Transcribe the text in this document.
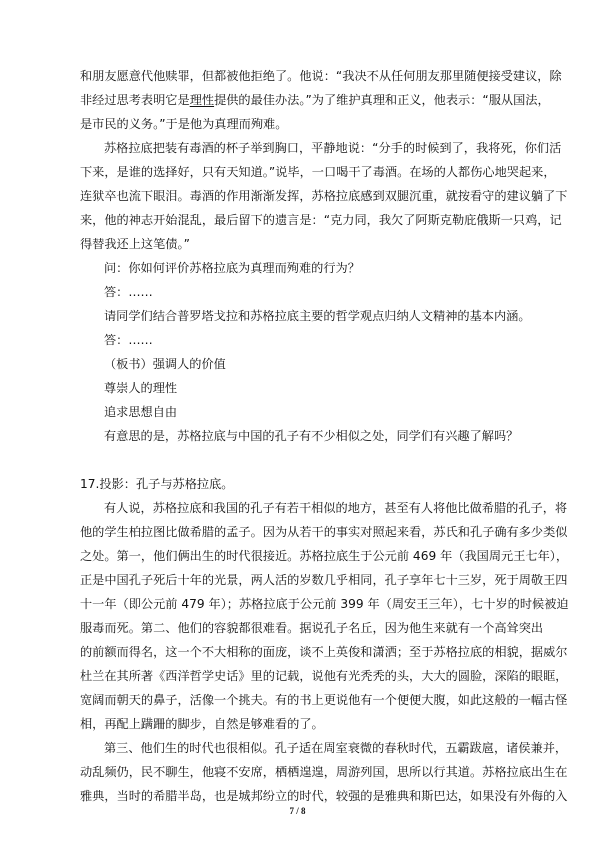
和朋友愿意代他赎罪，但都被他拒绝了。他说：“我决不从任何朋友那里随便接受建议，除
非经过思考表明它是理性提供的最佳办法。”为了维护真理和正义，他表示：“服从国法，
是市民的义务。”于是他为真理而殉难。
苏格拉底把装有毒酒的杯子举到胸口，平静地说：“分手的时候到了，我将死，你们活
下来，是谁的选择好，只有天知道。”说毕，一口喝干了毒酒。在场的人都伤心地哭起来，
连狱卒也流下眼泪。毒酒的作用渐渐发挥，苏格拉底感到双腿沉重，就按看守的建议躺了下
来，他的神志开始混乱，最后留下的遗言是：“克力同，我欠了阿斯克勒庇俄斯一只鸡，记
得替我还上这笔债。”
问：你如何评价苏格拉底为真理而殉难的行为？
答：……
请同学们结合普罗塔戈拉和苏格拉底主要的哲学观点归纳人文精神的基本内涵。
答：……
（板书）强调人的价值
尊崇人的理性
追求思想自由
有意思的是，苏格拉底与中国的孔子有不少相似之处，同学们有兴趣了解吗？
17.投影：孔子与苏格拉底。
有人说，苏格拉底和我国的孔子有若干相似的地方，甚至有人将他比做希腊的孔子，将
他的学生柏拉图比做希腊的孟子。因为从若干的事实对照起来看，苏氏和孔子确有多少类似
之处。第一，他们俩出生的时代很接近。苏格拉底生于公元前 469 年（我国周元王七年），
正是中国孔子死后十年的光景，两人活的岁数几乎相同，孔子享年七十三岁，死于周敬王四
十一年（即公元前 479 年）；苏格拉底于公元前 399 年（周安王三年），七十岁的时候被迫
服毒而死。第二、他们的容貌都很难看。据说孔子名丘，因为他生来就有一个高耸突出
的前额而得名，这一个不大相称的面庞，谈不上英俊和潇洒；至于苏格拉底的相貌，据威尔
杜兰在其所著《西洋哲学史话》里的记载，说他有光秃秃的头，大大的圆脸，深陷的眼眶，
宽阔而朝天的鼻子，活像一个挑夫。有的书上更说他有一个便便大腹，如此这般的一幅古怪
相，再配上蹒跚的脚步，自然是够难看的了。
第三、他们生的时代也很相似。孔子适在周室衰微的春秋时代，五霸跋扈，诸侯兼并，
动乱频仍，民不聊生，他寝不安席，栖栖遑遑，周游列国，思所以行其道。苏格拉底出生在
雅典，当时的希腊半岛，也是城邦纷立的时代，较强的是雅典和斯巴达，如果没有外侮的入
7 / 8
